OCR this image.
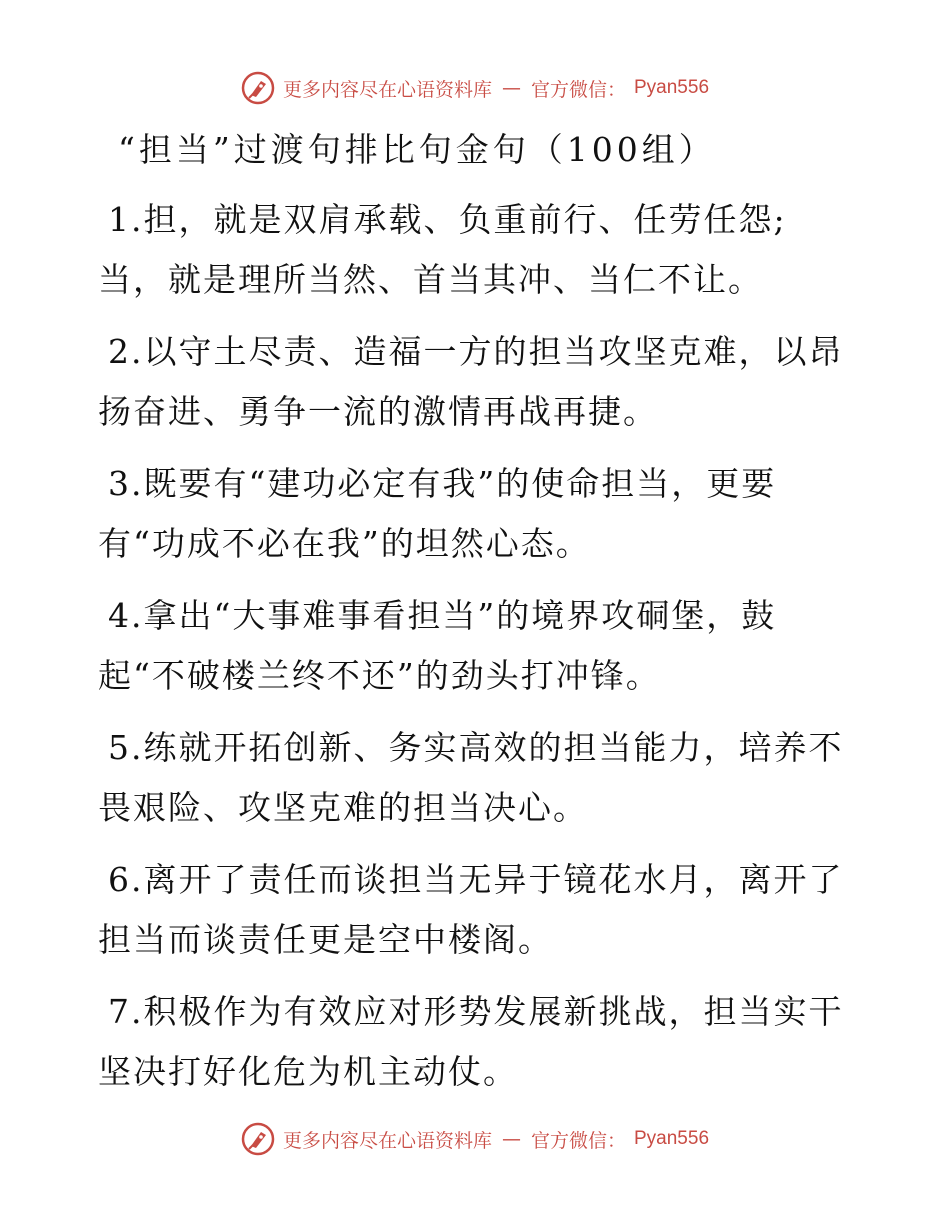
更多内容尽在心语资料库 — 官方微信： Pyan556
“担当”过渡句排比句金句（100组）

1.担，就是双肩承载、负重前行、任劳任怨;
当，就是理所当然、首当其冲、当仁不让。

2.以守土尽责、造福一方的担当攻坚克难，以昂
扬奋进、勇争一流的激情再战再捷。

3.既要有“建功必定有我”的使命担当，更要
有“功成不必在我”的坦然心态。

4.拿出“大事难事看担当”的境界攻硐堡，鼓
起“不破楼兰终不还”的劲头打冲锋。

5.练就开拓创新、务实高效的担当能力，培养不
畏艰险、攻坚克难的担当决心。

6.离开了责任而谈担当无异于镜花水月，离开了
担当而谈责任更是空中楼阁。

7.积极作为有效应对形势发展新挑战，担当实干
坚决打好化危为机主动仗。

更多内容尽在心语资料库 — 官方微信： Pyan556
